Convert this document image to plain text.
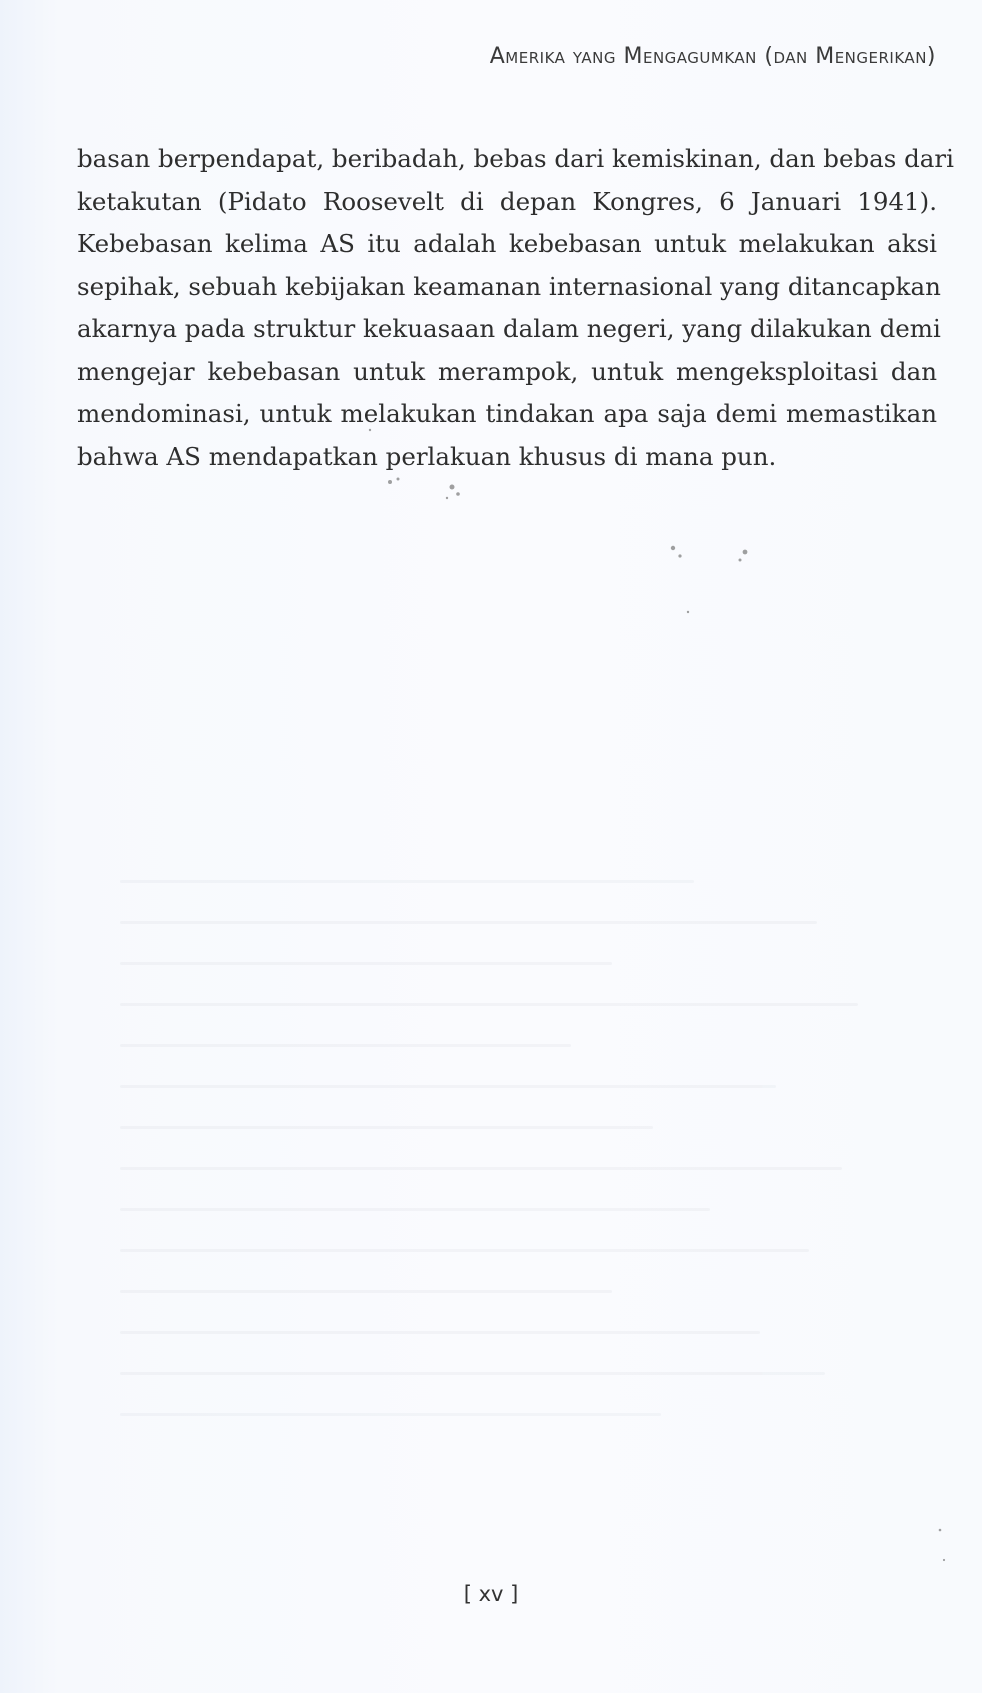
Amerika yang Mengagumkan (dan Mengerikan)

basan berpendapat, beribadah, bebas dari kemiskinan, dan bebas dari
ketakutan (Pidato Roosevelt di depan Kongres, 6 Januari 1941).
Kebebasan kelima AS itu adalah kebebasan untuk melakukan aksi
sepihak, sebuah kebijakan keamanan internasional yang ditancapkan
akarnya pada struktur kekuasaan dalam negeri, yang dilakukan demi
mengejar kebebasan untuk merampok, untuk mengeksploitasi dan
mendominasi, untuk melakukan tindakan apa saja demi memastikan
bahwa AS mendapatkan perlakuan khusus di mana pun.

[ xv ]
